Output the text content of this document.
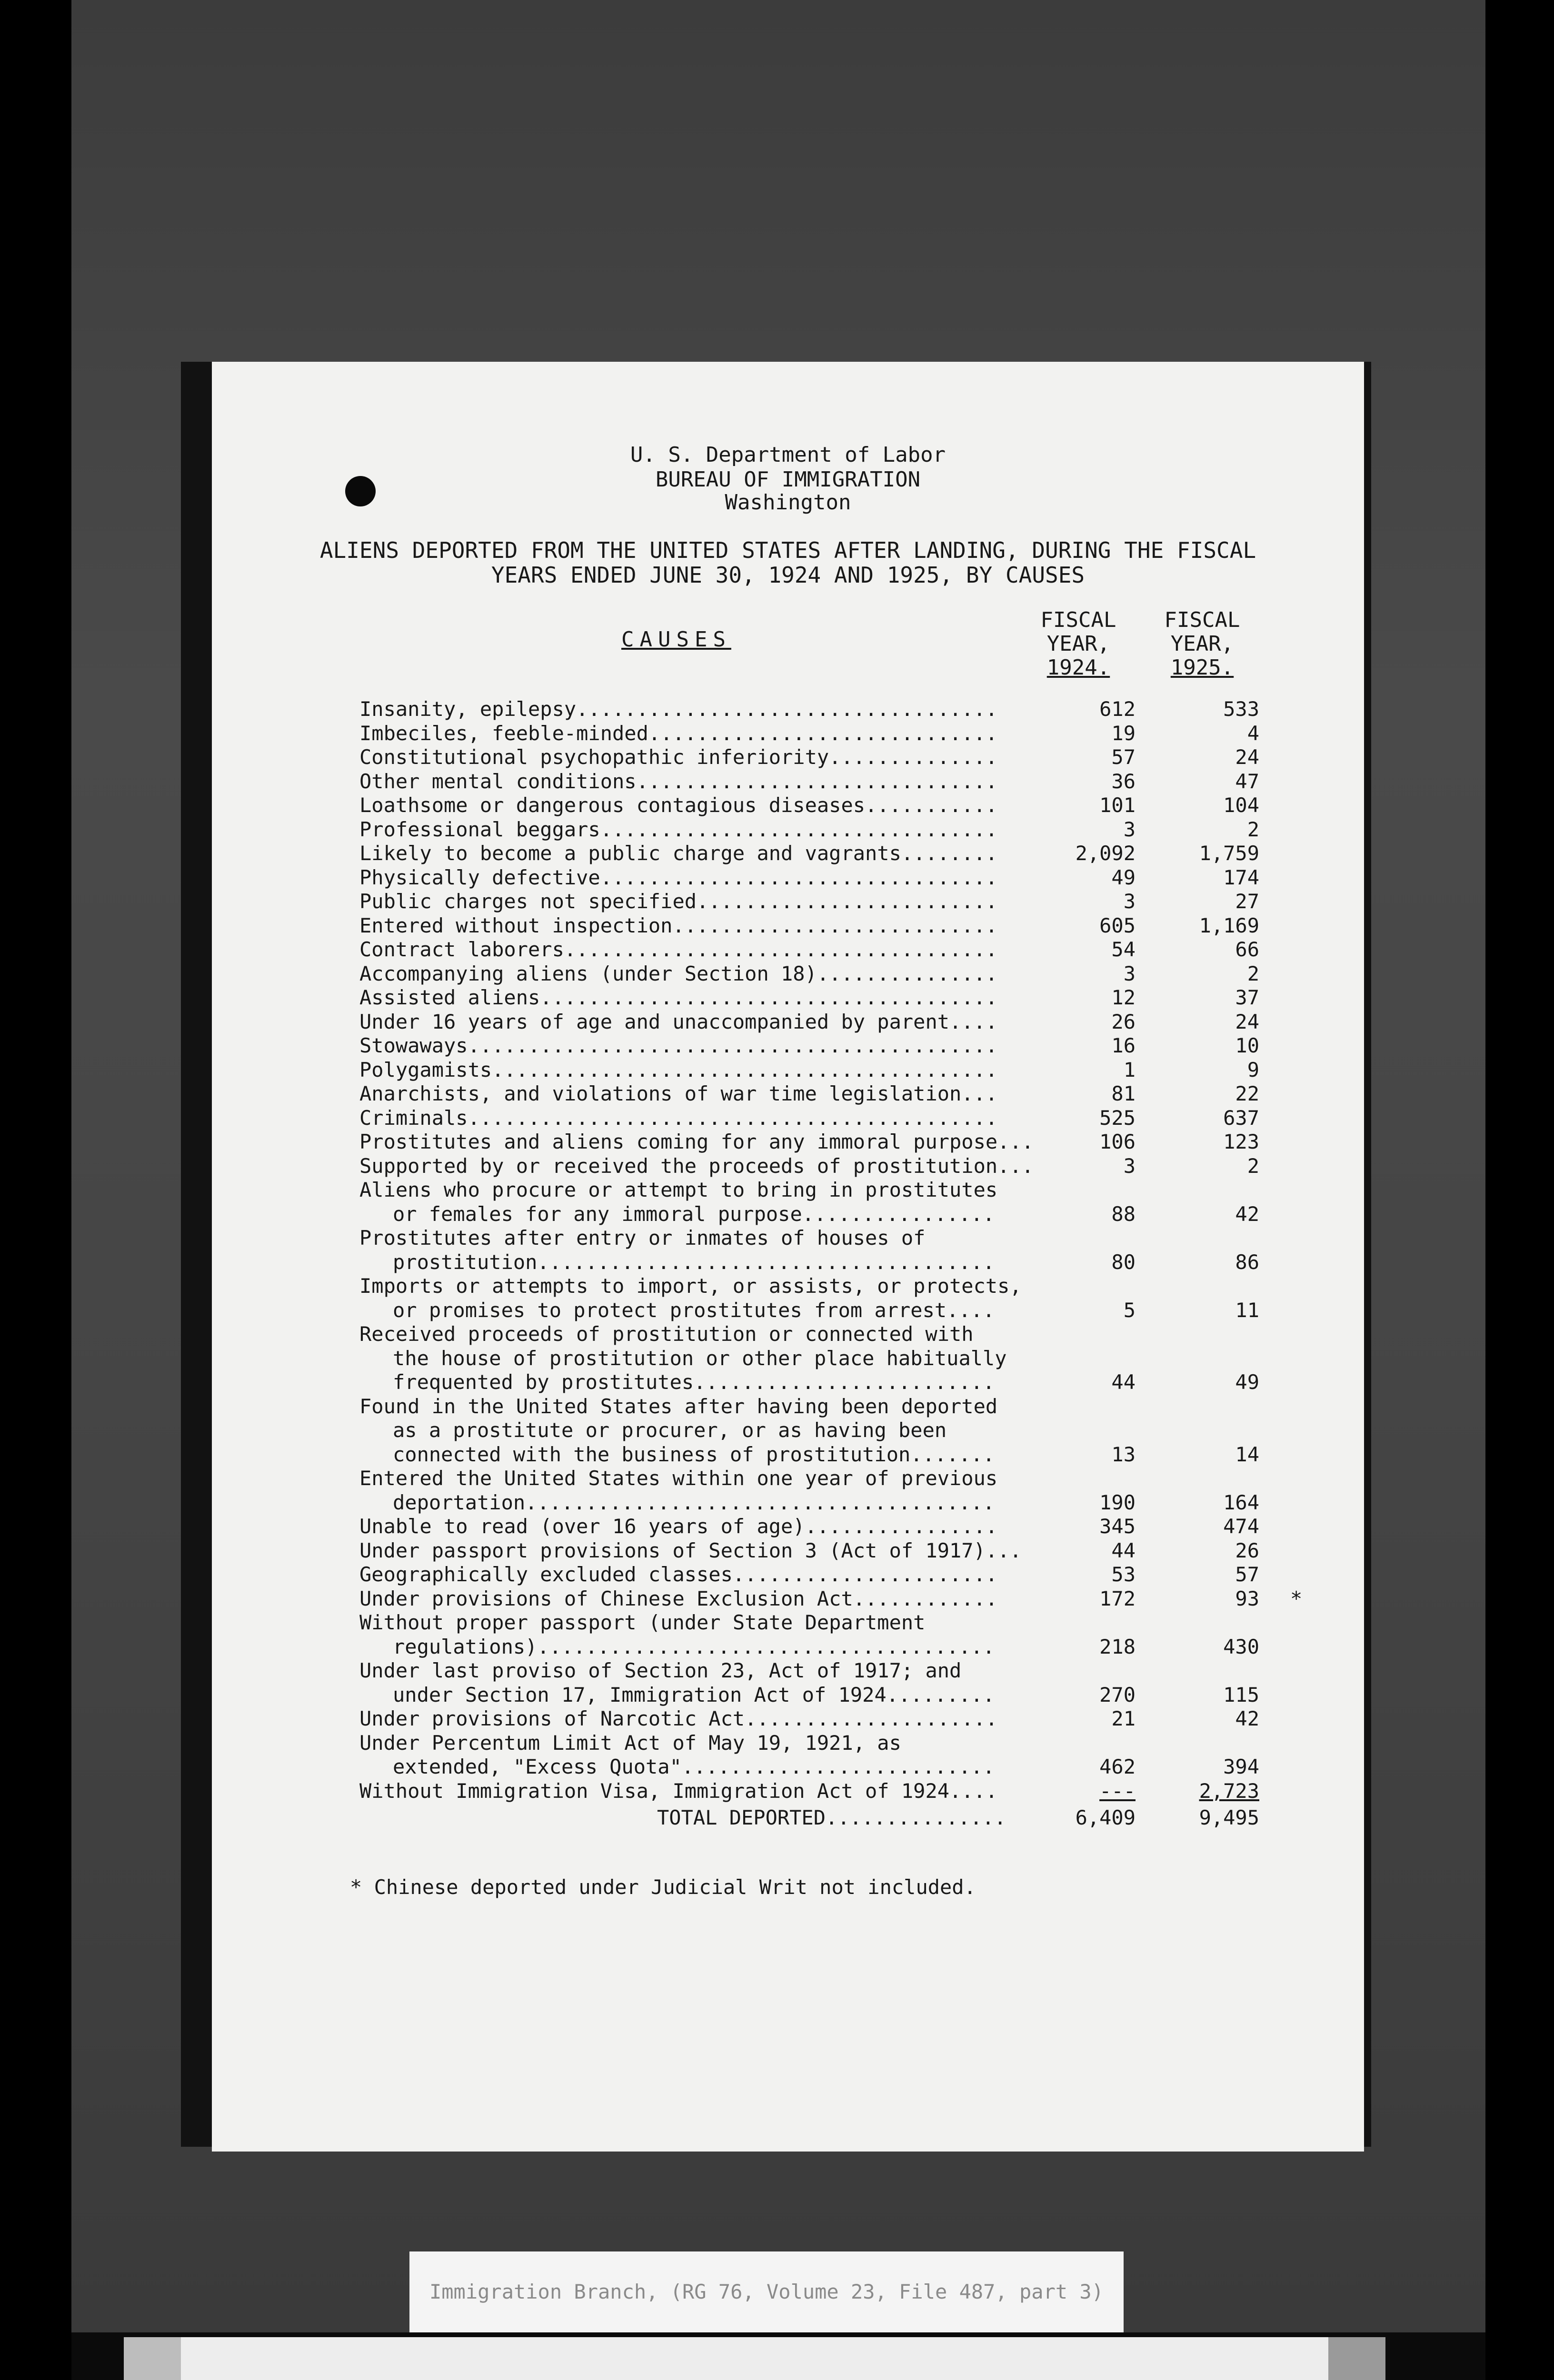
U. S. Department of Labor
BUREAU OF IMMIGRATION
Washington
ALIENS DEPORTED FROM THE UNITED STATES AFTER LANDING, DURING THE FISCAL
YEARS ENDED JUNE 30, 1924 AND 1925, BY CAUSES
CAUSES
FISCAL
YEAR,
1924.
FISCAL
YEAR,
1925.
Insanity, epilepsy...................................	612	533
Imbeciles, feeble-minded.............................	19	4
Constitutional psychopathic inferiority..............	57	24
Other mental conditions..............................	36	47
Loathsome or dangerous contagious diseases...........	101	104
Professional beggars.................................	3	2
Likely to become a public charge and vagrants........	2,092	1,759
Physically defective.................................	49	174
Public charges not specified.........................	3	27
Entered without inspection...........................	605	1,169
Contract laborers....................................	54	66
Accompanying aliens (under Section 18)...............	3	2
Assisted aliens......................................	12	37
Under 16 years of age and unaccompanied by parent....	26	24
Stowaways............................................	16	10
Polygamists..........................................	1	9
Anarchists, and violations of war time legislation...	81	22
Criminals............................................	525	637
Prostitutes and aliens coming for any immoral purpose...	106	123
Supported by or received the proceeds of prostitution...	3	2
Aliens who procure or attempt to bring in prostitutes
or females for any immoral purpose................	88	42
Prostitutes after entry or inmates of houses of
prostitution......................................	80	86
Imports or attempts to import, or assists, or protects,
or promises to protect prostitutes from arrest....	5	11
Received proceeds of prostitution or connected with
the house of prostitution or other place habitually
frequented by prostitutes.........................	44	49
Found in the United States after having been deported
as a prostitute or procurer, or as having been
connected with the business of prostitution.......	13	14
Entered the United States within one year of previous
deportation.......................................	190	164
Unable to read (over 16 years of age)................	345	474
Under passport provisions of Section 3 (Act of 1917)...	44	26
Geographically excluded classes......................	53	57
Under provisions of Chinese Exclusion Act............	172	93 *
Without proper passport (under State Department
regulations)......................................	218	430
Under last proviso of Section 23, Act of 1917; and
under Section 17, Immigration Act of 1924.........	270	115
Under provisions of Narcotic Act.....................	21	42
Under Percentum Limit Act of May 19, 1921, as
extended, "Excess Quota"..........................	462	394
Without Immigration Visa, Immigration Act of 1924....	---	2,723
TOTAL DEPORTED...............	6,409	9,495
* Chinese deported under Judicial Writ not included.
Immigration Branch, (RG 76, Volume 23, File 487, part 3)
